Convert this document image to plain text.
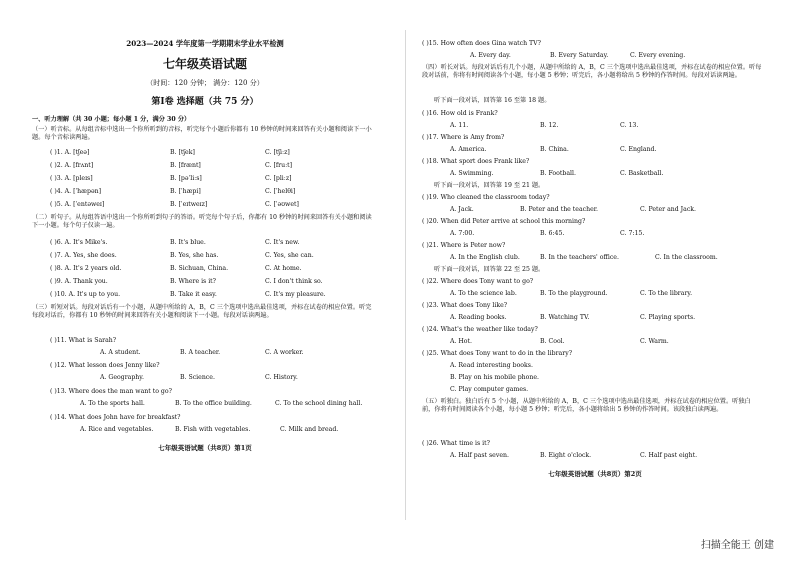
2023—2024 学年度第一学期期末学业水平检测
七年级英语试题
（时间：120 分钟； 满分：120 分）
第Ⅰ卷 选择题（共 75 分）
一、听力理解（共 30 小题；每小题 1 分，满分 30 分）
（一）听音标。从每组音标中选出一个你所听到的音标，听完每个小题后你都有 10 秒钟的时间来回答有关小题和阅读下一小题。每个音标读两遍。
( )1. A. [tʃeə]	B. [tʃek]	C. [tʃiːz]
( )2. A. [frʌnt]	B. [frænt]	C. [fruːt]
( )3. A. [pleɪs]	B. [pəˈliːs]	C. [pliːz]
( )4. A. [ˈhæpən]	B. [ˈhæpi]	C. [ˈhelθi]
( )5. A. [ˈentəweɪ]	B. [ˈeɪtweɪz]	C. [ˈəʊwet]
（二）听句子。从每组答语中选出一个你所听到句子的答语。听完每个句子后，你都有 10 秒钟的时间来回答有关小题和阅读下一小题。每个句子仅读一遍。
( )6. A. It's Mike's.	B. It's blue.	C. It's new.
( )7. A. Yes, she does.	B. Yes, she has.	C. Yes, she can.
( )8. A. It's 2 years old.	B. Sichuan, China.	C. At home.
( )9. A. Thank you.	B. Where is it?	C. I don't think so.
( )10. A. It's up to you.	B. Take it easy.	C. It's my pleasure.
（三）听短对话。每段对话后有一个小题，从题中所给的 A，B，C 三个选项中选出最佳选项，并标在试卷的相应位置。听完每段对话后，你都有 10 秒钟的时间来回答有关小题和阅读下一小题。每段对话读两遍。
( )11. What is Sarah?
A. A student.	B. A teacher.	C. A worker.
( )12. What lesson does Jenny like?
A. Geography.	B. Science.	C. History.
( )13. Where does the man want to go?
A. To the sports hall.	B. To the office building.	C. To the school dining hall.
( )14. What does John have for breakfast?
A. Rice and vegetables.	B. Fish with vegetables.	C. Milk and bread.
七年级英语试题（共8页）第1页
( )15. How often does Gina watch TV?
A. Every day.	B. Every Saturday.	C. Every evening.
（四）听长对话。每段对话后有几个小题，从题中所给的 A，B，C 三个选项中选出最佳选项，并标在试卷的相应位置。听每段对话前，你将有时间阅读各个小题，每小题 5 秒钟；听完后，各小题将给出 5 秒钟的作答时间。每段对话读两遍。
听下面一段对话，回答第 16 至第 18 题。
( )16. How old is Frank?
A. 11.	B. 12.	C. 13.
( )17. Where is Amy from?
A. America.	B. China.	C. England.
( )18. What sport does Frank like?
A. Swimming.	B. Football.	C. Basketball.
听下面一段对话，回答第 19 至 21 题。
( )19. Who cleaned the classroom today?
A. Jack.	B. Peter and the teacher.	C. Peter and Jack.
( )20. When did Peter arrive at school this morning?
A. 7:00.	B. 6:45.	C. 7:15.
( )21. Where is Peter now?
A. In the English club.	B. In the teachers' office.	C. In the classroom.
听下面一段对话，回答第 22 至 25 题。
( )22. Where does Tony want to go?
A. To the science lab.	B. To the playground.	C. To the library.
( )23. What does Tony like?
A. Reading books.	B. Watching TV.	C. Playing sports.
( )24. What's the weather like today?
A. Hot.	B. Cool.	C. Warm.
( )25. What does Tony want to do in the library?
A. Read interesting books.
B. Play on his mobile phone.
C. Play computer games.
（五）听独白。独白后有 5 个小题，从题中所给的 A，B，C 三个选项中选出最佳选项，并标在试卷的相应位置。听独白前，你将有时间阅读各个小题，每小题 5 秒钟；听完后，各小题将给出 5 秒钟的作答时间。该段独白读两遍。
( )26. What time is it?
A. Half past seven.	B. Eight o'clock.	C. Half past eight.
七年级英语试题（共8页）第2页
扫描全能王 创建
